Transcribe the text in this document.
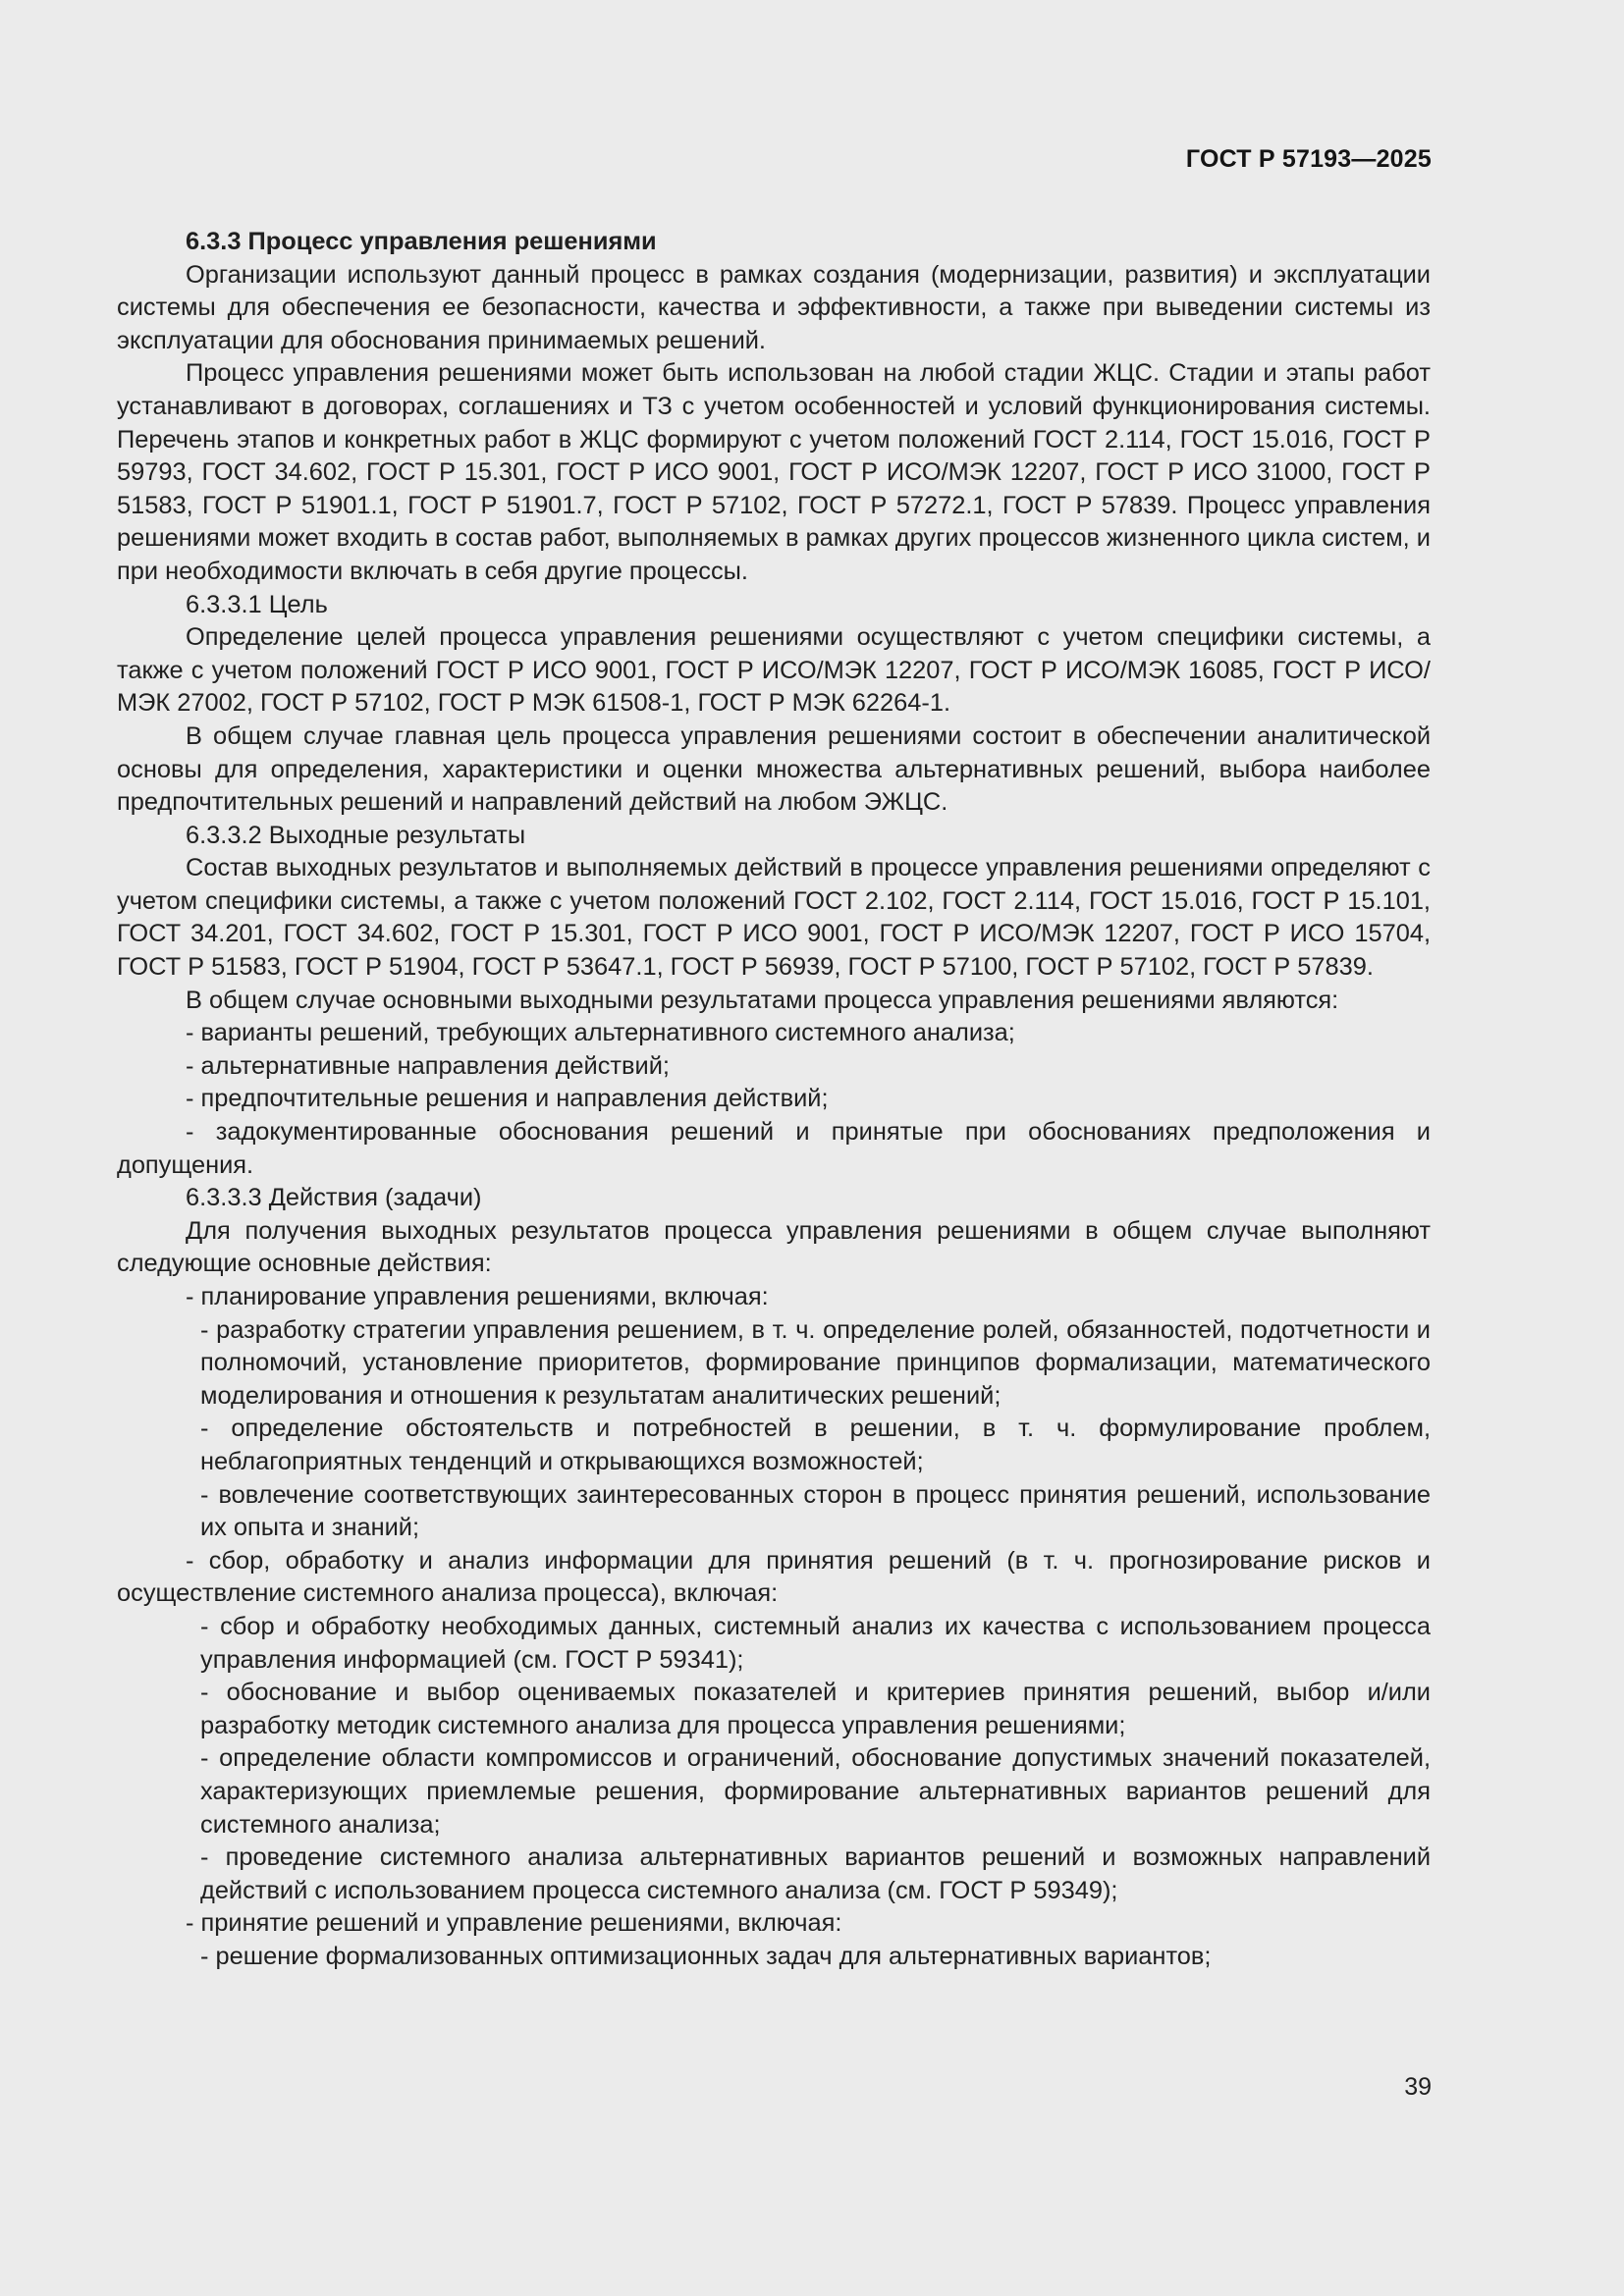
ГОСТ Р 57193—2025

6.3.3 Процесс управления решениями

Организации используют данный процесс в рамках создания (модернизации, развития) и эксплуатации системы для обеспечения ее безопасности, качества и эффективности, а также при выведении системы из эксплуатации для обоснования принимаемых решений.

Процесс управления решениями может быть использован на любой стадии ЖЦС. Стадии и этапы работ устанавливают в договорах, соглашениях и ТЗ с учетом особенностей и условий функционирования системы. Перечень этапов и конкретных работ в ЖЦС формируют с учетом положений ГОСТ 2.114, ГОСТ 15.016, ГОСТ Р 59793, ГОСТ 34.602, ГОСТ Р 15.301, ГОСТ Р ИСО 9001, ГОСТ Р ИСО/МЭК 12207, ГОСТ Р ИСО 31000, ГОСТ Р 51583, ГОСТ Р 51901.1, ГОСТ Р 51901.7, ГОСТ Р 57102, ГОСТ Р 57272.1, ГОСТ Р 57839. Процесс управления решениями может входить в состав работ, выполняемых в рамках других процессов жизненного цикла систем, и при необходимости включать в себя другие процессы.

6.3.3.1 Цель

Определение целей процесса управления решениями осуществляют с учетом специфики системы, а также с учетом положений ГОСТ Р ИСО 9001, ГОСТ Р ИСО/МЭК 12207, ГОСТ Р ИСО/МЭК 16085, ГОСТ Р ИСО/МЭК 27002, ГОСТ Р 57102, ГОСТ Р МЭК 61508-1, ГОСТ Р МЭК 62264-1.

В общем случае главная цель процесса управления решениями состоит в обеспечении аналитической основы для определения, характеристики и оценки множества альтернативных решений, выбора наиболее предпочтительных решений и направлений действий на любом ЭЖЦС.

6.3.3.2 Выходные результаты

Состав выходных результатов и выполняемых действий в процессе управления решениями определяют с учетом специфики системы, а также с учетом положений ГОСТ 2.102, ГОСТ 2.114, ГОСТ 15.016, ГОСТ Р 15.101, ГОСТ 34.201, ГОСТ 34.602, ГОСТ Р 15.301, ГОСТ Р ИСО 9001, ГОСТ Р ИСО/МЭК 12207, ГОСТ Р ИСО 15704, ГОСТ Р 51583, ГОСТ Р 51904, ГОСТ Р 53647.1, ГОСТ Р 56939, ГОСТ Р 57100, ГОСТ Р 57102, ГОСТ Р 57839.

В общем случае основными выходными результатами процесса управления решениями являются:

- варианты решений, требующих альтернативного системного анализа;

- альтернативные направления действий;

- предпочтительные решения и направления действий;

- задокументированные обоснования решений и принятые при обоснованиях предположения и допущения.

6.3.3.3 Действия (задачи)

Для получения выходных результатов процесса управления решениями в общем случае выполняют следующие основные действия:

- планирование управления решениями, включая:

- разработку стратегии управления решением, в т. ч. определение ролей, обязанностей, подотчетности и полномочий, установление приоритетов, формирование принципов формализации, математического моделирования и отношения к результатам аналитических решений;

- определение обстоятельств и потребностей в решении, в т. ч. формулирование проблем, неблагоприятных тенденций и открывающихся возможностей;

- вовлечение соответствующих заинтересованных сторон в процесс принятия решений, использование их опыта и знаний;

- сбор, обработку и анализ информации для принятия решений (в т. ч. прогнозирование рисков и осуществление системного анализа процесса), включая:

- сбор и обработку необходимых данных, системный анализ их качества с использованием процесса управления информацией (см. ГОСТ Р 59341);

- обоснование и выбор оцениваемых показателей и критериев принятия решений, выбор и/или разработку методик системного анализа для процесса управления решениями;

- определение области компромиссов и ограничений, обоснование допустимых значений показателей, характеризующих приемлемые решения, формирование альтернативных вариантов решений для системного анализа;

- проведение системного анализа альтернативных вариантов решений и возможных направлений действий с использованием процесса системного анализа (см. ГОСТ Р 59349);

- принятие решений и управление решениями, включая:

- решение формализованных оптимизационных задач для альтернативных вариантов;

39
